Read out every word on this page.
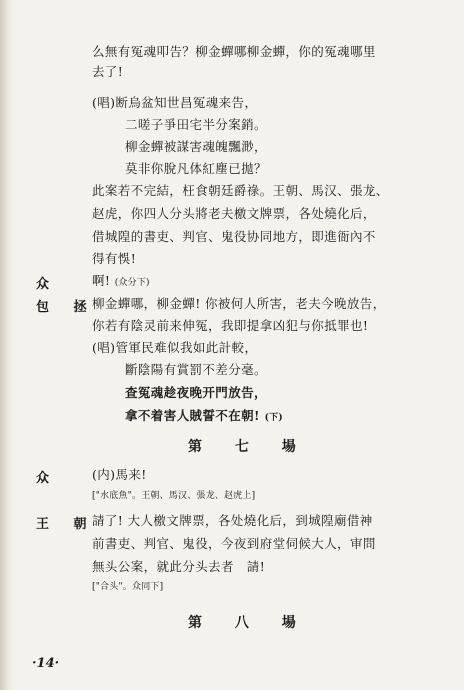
么無有冤魂叩告？柳金蟬哪柳金蟬，你的冤魂哪里
去了!
(唱)断烏盆知世昌冤魂来告，
二嗟子爭田宅半分案銷。
柳金蟬被謀害魂魄飄渺，
莫非你脫凡体紅塵已拋？
此案若不完結，枉食朝廷爵祿。王朝、馬汉、張龙、
赵虎，你四人分头將老夫檄文牌票，各处燒化后，
借城隍的書吏、判官、鬼役协同地方，即進衙內不
得有悞!
众	啊! (众分下)
包 拯
柳金蟬哪，柳金蟬! 你被何人所害，老夫今晚放告，
你若有陰灵前来伸冤，我即提拿凶犯与你抵罪也!
(唱)管軍民难似我如此計較，
斷陰陽有賞罰不差分毫。
查冤魂趁夜晚开門放告，
拿不着害人賊誓不在朝! (下)
第 七 場
众	(内)馬来!
["水底魚"。王朝、馬汉、張龙、赵虎上]
王 朝
請了! 大人檄文牌票，各处燒化后，到城隍廟借神
前書吏、判官、鬼役，今夜到府堂伺候大人，审問
無头公案，就此分头去者　請!
["合头"。众同下]
第 八 場
·14·
